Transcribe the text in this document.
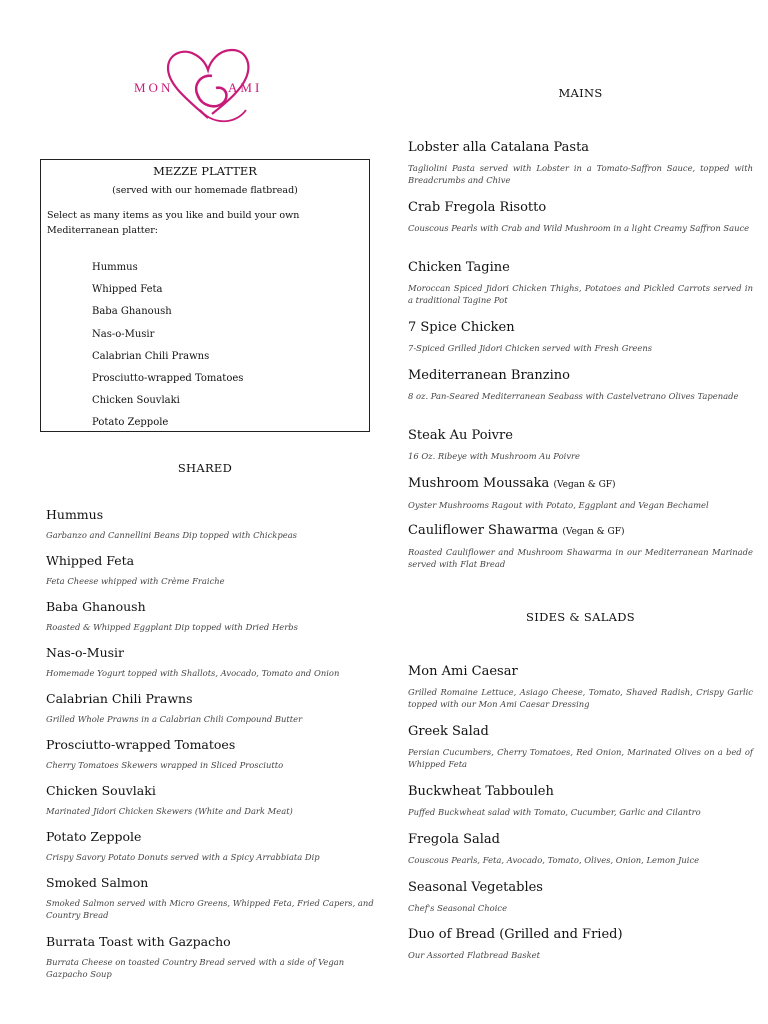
MON	AMI
MEZZE PLATTER
(served with our homemade flatbread)
Select as many items as you like and build your own Mediterranean platter:
Hummus
Whipped Feta
Baba Ghanoush
Nas-o-Musir
Calabrian Chili Prawns
Prosciutto-wrapped Tomatoes
Chicken Souvlaki
Potato Zeppole
SHARED
Hummus
Garbanzo and Cannellini Beans Dip topped with Chickpeas
Whipped Feta
Feta Cheese whipped with Crème Fraiche
Baba Ghanoush
Roasted & Whipped Eggplant Dip topped with Dried Herbs
Nas-o-Musir
Homemade Yogurt topped with Shallots, Avocado, Tomato and Onion
Calabrian Chili Prawns
Grilled Whole Prawns in a Calabrian Chili Compound Butter
Prosciutto-wrapped Tomatoes
Cherry Tomatoes Skewers wrapped in Sliced Prosciutto
Chicken Souvlaki
Marinated Jidori Chicken Skewers (White and Dark Meat)
Potato Zeppole
Crispy Savory Potato Donuts served with a Spicy Arrabbiata Dip
Smoked Salmon
Smoked Salmon served with Micro Greens, Whipped Feta, Fried Capers, and Country Bread
Burrata Toast with Gazpacho
Burrata Cheese on toasted Country Bread served with a side of Vegan Gazpacho Soup
MAINS
Lobster alla Catalana Pasta
Tagliolini Pasta served with Lobster in a Tomato-Saffron Sauce, topped with Breadcrumbs and Chive
Crab Fregola Risotto
Couscous Pearls with Crab and Wild Mushroom in a light Creamy Saffron Sauce
Chicken Tagine
Moroccan Spiced Jidori Chicken Thighs, Potatoes and Pickled Carrots served in a traditional Tagine Pot
7 Spice Chicken
7-Spiced Grilled Jidori Chicken served with Fresh Greens
Mediterranean Branzino
8 oz. Pan-Seared Mediterranean Seabass with Castelvetrano Olives Tapenade
Steak Au Poivre
16 Oz. Ribeye with Mushroom Au Poivre
Mushroom Moussaka (Vegan & GF)
Oyster Mushrooms Ragout with Potato, Eggplant and Vegan Bechamel
Cauliflower Shawarma (Vegan & GF)
Roasted Cauliflower and Mushroom Shawarma in our Mediterranean Marinade served with Flat Bread
SIDES & SALADS
Mon Ami Caesar
Grilled Romaine Lettuce, Asiago Cheese, Tomato, Shaved Radish, Crispy Garlic topped with our Mon Ami Caesar Dressing
Greek Salad
Persian Cucumbers, Cherry Tomatoes, Red Onion, Marinated Olives on a bed of Whipped Feta
Buckwheat Tabbouleh
Puffed Buckwheat salad with Tomato, Cucumber, Garlic and Cilantro
Fregola Salad
Couscous Pearls, Feta, Avocado, Tomato, Olives, Onion, Lemon Juice
Seasonal Vegetables
Chef's Seasonal Choice
Duo of Bread (Grilled and Fried)
Our Assorted Flatbread Basket
